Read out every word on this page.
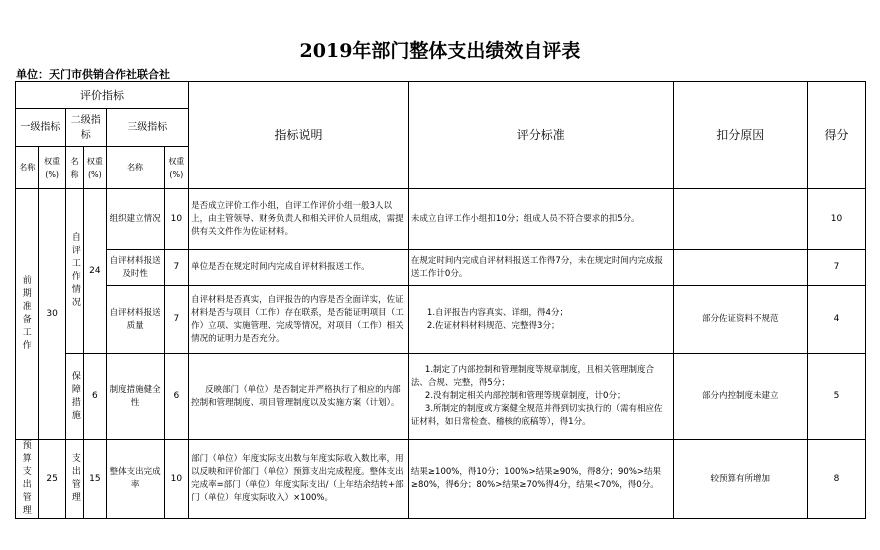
2019年部门整体支出绩效自评表
单位：天门市供销合作社联合社
评价指标						指标说明	评分标准	扣分原因	得分
一级指标		二级指标		三级指标					
名称	权重(%)	名称	权重(%)	名称	权重(%)				
前期准备工作	30	自评工作情况	24	组织建立情况	10	是否成立评价工作小组，自评工作评价小组一般3人以上，由主管领导、财务负责人和相关评价人员组成，需提供有关文件作为佐证材料。	未成立自评工作小组扣10分；组成人员不符合要求的扣5分。		10
				自评材料报送及时性	7	单位是否在规定时间内完成自评材料报送工作。	在规定时间内完成自评材料报送工作得7分，未在规定时间内完成报送工作计0分。		7
				自评材料报送质量	7	自评材料是否真实，自评报告的内容是否全面详实，佐证材料是否与项目（工作）存在联系，是否能证明项目（工作）立项、实施管理、完成等情况，对项目（工作）相关情况的证明力是否充分。	1.自评报告内容真实、详细，得4分；
2.佐证材料材料规范、完整得3分；	部分佐证资料不规范	4
		保障措施	6	制度措施健全性	6	反映部门（单位）是否制定并严格执行了相应的内部控制和管理制度、项目管理制度以及实施方案（计划）。	1.制定了内部控制和管理制度等规章制度，且相关管理制度合法、合规、完整，得5分；
2.没有制定相关内部控制和管理等规章制度，计0分；
3.所制定的制度或方案健全规范并得到切实执行的（需有相应佐证材料，如日常检查、稽核的底稿等），得1分。	部分内控制度未建立	5
预算支出管理	25	支出管理	15	整体支出完成率	10	部门（单位）年度实际支出数与年度实际收入数比率，用以反映和评价部门（单位）预算支出完成程度。整体支出完成率=部门（单位）年度实际支出/（上年结余结转+部门（单位）年度实际收入）×100%。	结果≥100%，得10分；100%>结果≥90%，得8分；90%>结果≥80%，得6分；80%>结果≥70%得4分，结果<70%，得0分。	较预算有所增加	8
